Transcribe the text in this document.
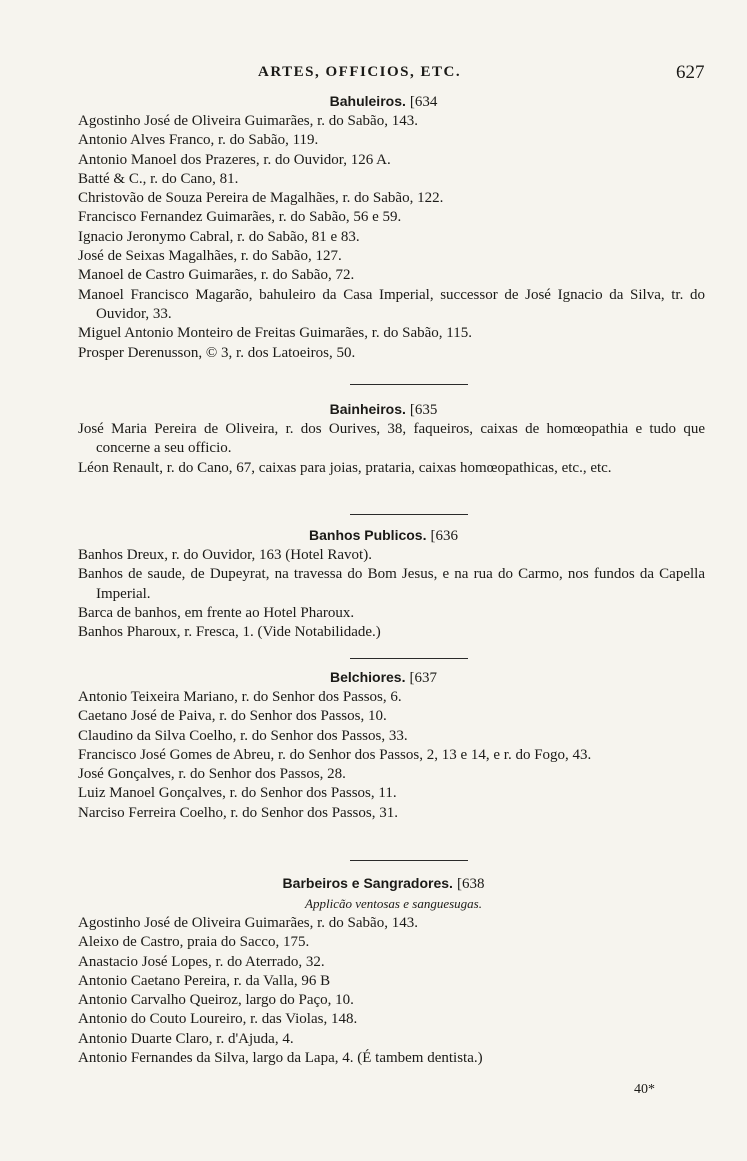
ARTES, OFFICIOS, ETC.	627
Bahuleiros. [634
Agostinho José de Oliveira Guimarães, r. do Sabão, 143.
Antonio Alves Franco, r. do Sabão, 119.
Antonio Manoel dos Prazeres, r. do Ouvidor, 126 A.
Batté & C., r. do Cano, 81.
Christovão de Souza Pereira de Magalhães, r. do Sabão, 122.
Francisco Fernandez Guimarães, r. do Sabão, 56 e 59.
Ignacio Jeronymo Cabral, r. do Sabão, 81 e 83.
José de Seixas Magalhães, r. do Sabão, 127.
Manoel de Castro Guimarães, r. do Sabão, 72.
Manoel Francisco Magarão, bahuleiro da Casa Imperial, successor de José Ignacio da Silva, tr. do Ouvidor, 33.
Miguel Antonio Monteiro de Freitas Guimarães, r. do Sabão, 115.
Prosper Derenusson, © 3, r. dos Latoeiros, 50.
Bainheiros. [635
José Maria Pereira de Oliveira, r. dos Ourives, 38, faqueiros, caixas de homœopathia e tudo que concerne a seu officio.
Léon Renault, r. do Cano, 67, caixas para joias, prataria, caixas homœopathicas, etc., etc.
Banhos Publicos. [636
Banhos Dreux, r. do Ouvidor, 163 (Hotel Ravot).
Banhos de saude, de Dupeyrat, na travessa do Bom Jesus, e na rua do Carmo, nos fundos da Capella Imperial.
Barca de banhos, em frente ao Hotel Pharoux.
Banhos Pharoux, r. Fresca, 1. (Vide Notabilidade.)
Belchiores. [637
Antonio Teixeira Mariano, r. do Senhor dos Passos, 6.
Caetano José de Paiva, r. do Senhor dos Passos, 10.
Claudino da Silva Coelho, r. do Senhor dos Passos, 33.
Francisco José Gomes de Abreu, r. do Senhor dos Passos, 2, 13 e 14, e r. do Fogo, 43.
José Gonçalves, r. do Senhor dos Passos, 28.
Luiz Manoel Gonçalves, r. do Senhor dos Passos, 11.
Narciso Ferreira Coelho, r. do Senhor dos Passos, 31.
Barbeiros e Sangradores. [638
Applicão ventosas e sanguesugas.
Agostinho José de Oliveira Guimarães, r. do Sabão, 143.
Aleixo de Castro, praia do Sacco, 175.
Anastacio José Lopes, r. do Aterrado, 32.
Antonio Caetano Pereira, r. da Valla, 96 B
Antonio Carvalho Queiroz, largo do Paço, 10.
Antonio do Couto Loureiro, r. das Violas, 148.
Antonio Duarte Claro, r. d'Ajuda, 4.
Antonio Fernandes da Silva, largo da Lapa, 4. (É tambem dentista.)
40*
